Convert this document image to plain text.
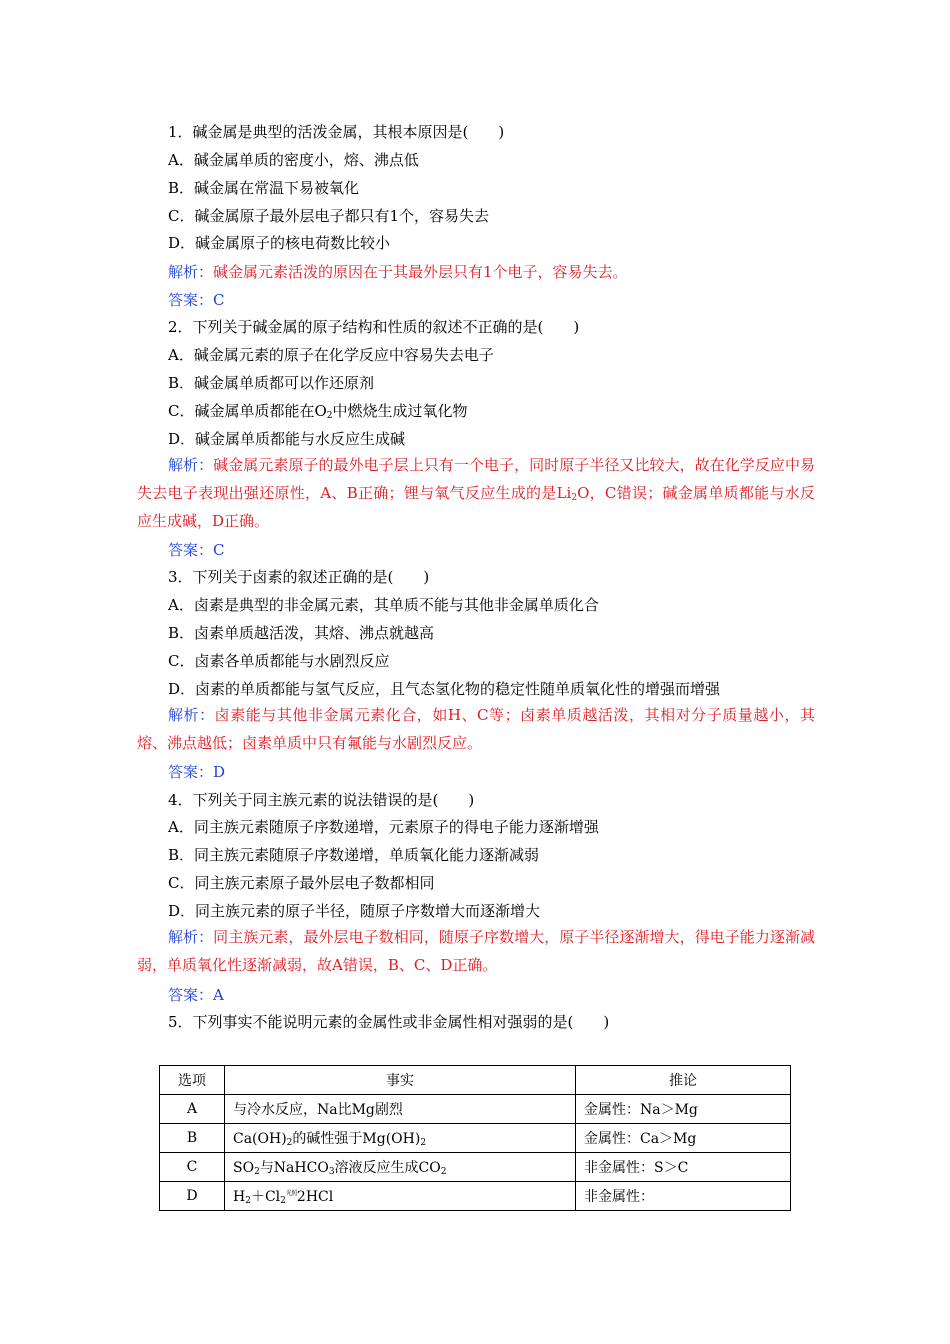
1．碱金属是典型的活泼金属，其根本原因是(　　)
A．碱金属单质的密度小，熔、沸点低
B．碱金属在常温下易被氧化
C．碱金属原子最外层电子都只有1个，容易失去
D．碱金属原子的核电荷数比较小
解析：碱金属元素活泼的原因在于其最外层只有1个电子，容易失去。
答案：C
2．下列关于碱金属的原子结构和性质的叙述不正确的是(　　)
A．碱金属元素的原子在化学反应中容易失去电子
B．碱金属单质都可以作还原剂
C．碱金属单质都能在$O_2$中燃烧生成过氧化物
D．碱金属单质都能与水反应生成碱
解析：碱金属元素原子的最外电子层上只有一个电子，同时原子半径又比较大，故在化学反应中易失去电子表现出强还原性，A、B正确；锂与氧气反应生成的是$Li_2O$，C错误；碱金属单质都能与水反应生成碱，D正确。
答案：C
3．下列关于卤素的叙述正确的是(　　)
A．卤素是典型的非金属元素，其单质不能与其他非金属单质化合
B．卤素单质越活泼，其熔、沸点就越高
C．卤素各单质都能与水剧烈反应
D．卤素的单质都能与氢气反应，且气态氢化物的稳定性随单质氧化性的增强而增强
解析：卤素能与其他非金属元素化合，如H、C等；卤素单质越活泼，其相对分子质量越小，其熔、沸点越低；卤素单质中只有氟能与水剧烈反应。
答案：D
4．下列关于同主族元素的说法错误的是(　　)
A．同主族元素随原子序数递增，元素原子的得电子能力逐渐增强
B．同主族元素随原子序数递增，单质氧化能力逐渐减弱
C．同主族元素原子最外层电子数都相同
D．同主族元素的原子半径，随原子序数增大而逐渐增大
解析：同主族元素，最外层电子数相同，随原子序数增大，原子半径逐渐增大，得电子能力逐渐减弱，单质氧化性逐渐减弱，故A错误，B、C、D正确。
答案：A
5．下列事实不能说明元素的金属性或非金属性相对强弱的是(　　)
选项	事实	推论
A	与冷水反应，Na比Mg剧烈	金属性：Na＞Mg
B	$Ca(OH)_2$的碱性强于$Mg(OH)_2$	金属性：Ca＞Mg
C	$SO_2$与NaHCO$_3$溶液反应生成$CO_2$	非金属性：S＞C
D	$H_2+Cl_2^{光照}2HCl$	非金属性：
